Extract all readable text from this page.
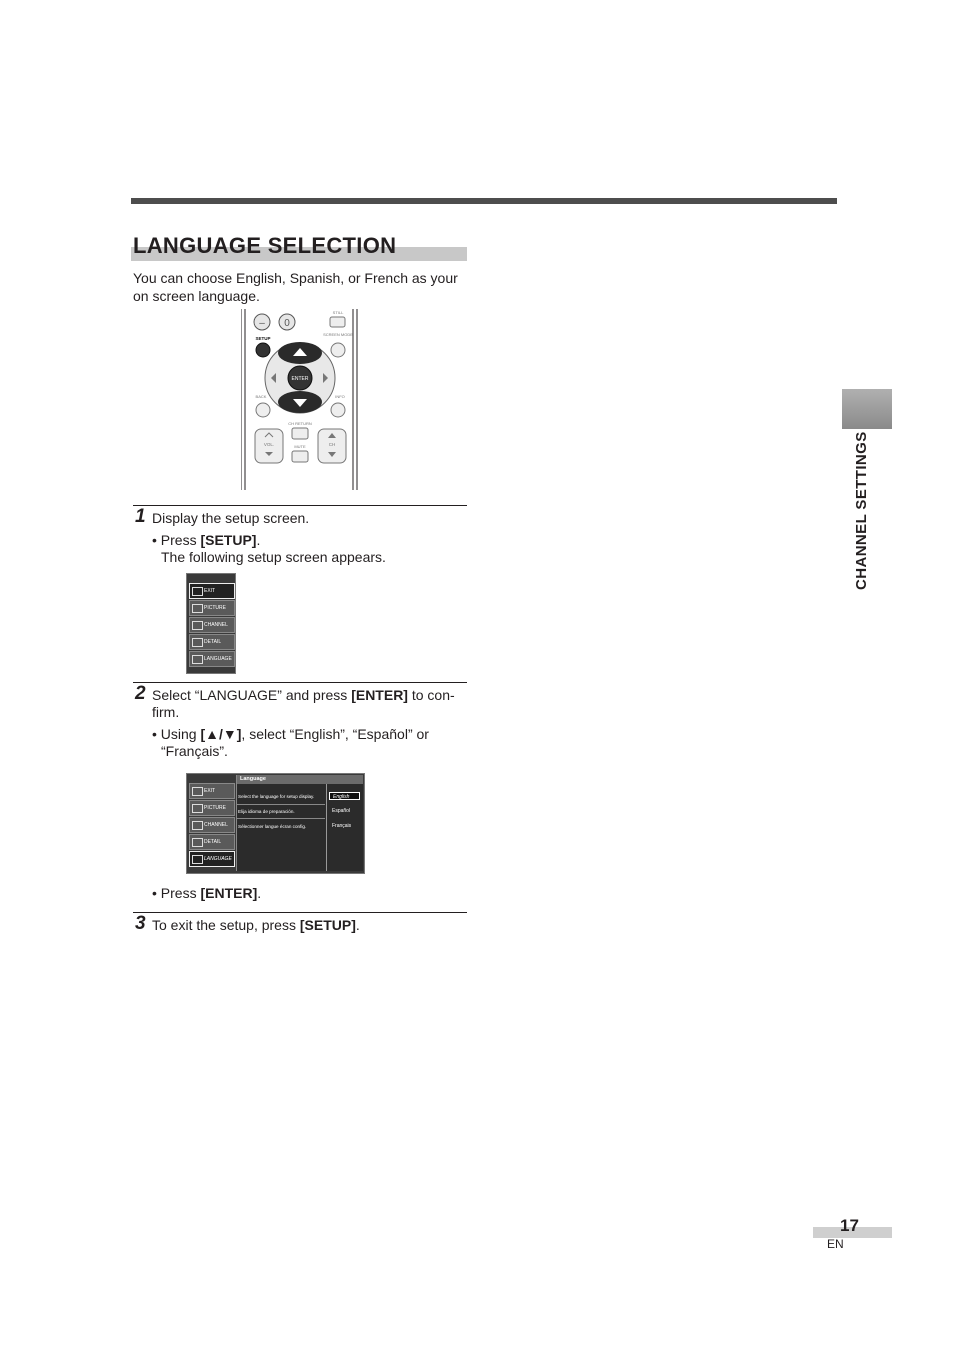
LANGUAGE SELECTION
You can choose English, Spanish, or French as your on screen language.
– 0
STILL
SCREEN MODE
SETUP
ENTER
BACK	INFO
CH RETURN
VOL.	MUTE	CH
1 Display the setup screen.
• Press [SETUP].
The following setup screen appears.
EXIT
PICTURE
CHANNEL
DETAIL
LANGUAGE
2 Select “LANGUAGE” and press [ENTER] to con-
firm.
• Using [▲/▼], select “English”, “Español” or
“Français”.
EXIT
PICTURE
CHANNEL
DETAIL
LANGUAGE
Language
Select the language for setup display.
Elija idioma de preparación.
Sélectionner langue écran config.
English
Español
Français
• Press [ENTER].
3 To exit the setup, press [SETUP].
CHANNEL SETTINGS
17
EN
